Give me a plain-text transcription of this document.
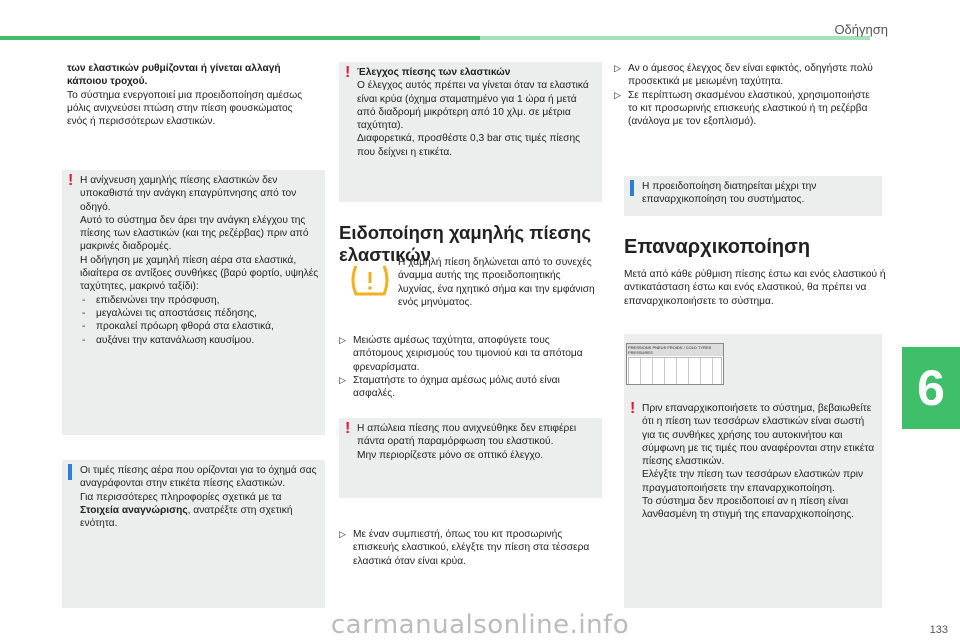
Οδήγηση
6
133

των ελαστικών ρυθμίζονται ή γίνεται αλλαγή κάποιου τροχού.

Το σύστημα ενεργοποιεί μια προειδοποίηση αμέσως μόλις ανιχνεύσει πτώση στην πίεση φουσκώματος ενός ή περισσότερων ελαστικών.

! Η ανίχνευση χαμηλής πίεσης ελαστικών δεν υποκαθιστά την ανάγκη επαγρύπνησης από τον οδηγό.

Αυτό το σύστημα δεν άρει την ανάγκη ελέγχου της πίεσης των ελαστικών (και της ρεζέρβας) πριν από μακρινές διαδρομές.

Η οδήγηση με χαμηλή πίεση αέρα στα ελαστικά, ιδιαίτερα σε αντίξοες συνθήκες (βαρύ φορτίο, υψηλές ταχύτητες, μακρινό ταξίδι):

- επιδεινώνει την πρόσφυση,

- μεγαλώνει τις αποστάσεις πέδησης,

- προκαλεί πρόωρη φθορά στα ελαστικά,

- αυξάνει την κατανάλωση καυσίμου.

Οι τιμές πίεσης αέρα που ορίζονται για το όχημά σας αναγράφονται στην ετικέτα πίεσης ελαστικών.

Για περισσότερες πληροφορίες σχετικά με τα Στοιχεία αναγνώρισης, ανατρέξτε στη σχετική ενότητα.

! Έλεγχος πίεσης των ελαστικών

Ο έλεγχος αυτός πρέπει να γίνεται όταν τα ελαστικά είναι κρύα (όχημα σταματημένο για 1 ώρα ή μετά από διαδρομή μικρότερη από 10 χλμ. σε μέτρια ταχύτητα).

Διαφορετικά, προσθέστε 0,3 bar στις τιμές πίεσης που δείχνει η ετικέτα.

Ειδοποίηση χαμηλής πίεσης ελαστικών

Η χαμηλή πίεση δηλώνεται από το συνεχές άναμμα αυτής της προειδοποιητικής λυχνίας, ένα ηχητικό σήμα και την εμφάνιση ενός μηνύματος.

▷ Μειώστε αμέσως ταχύτητα, αποφύγετε τους απότομους χειρισμούς του τιμονιού και τα απότομα φρεναρίσματα.

▷ Σταματήστε το όχημα αμέσως μόλις αυτό είναι ασφαλές.

! Η απώλεια πίεσης που ανιχνεύθηκε δεν επιφέρει πάντα ορατή παραμόρφωση του ελαστικού.

Μην περιορίζεστε μόνο σε οπτικό έλεγχο.

▷ Με έναν συμπιεστή, όπως του κιτ προσωρινής επισκευής ελαστικού, ελέγξτε την πίεση στα τέσσερα ελαστικά όταν είναι κρύα.

▷ Αν ο άμεσος έλεγχος δεν είναι εφικτός, οδηγήστε πολύ προσεκτικά με μειωμένη ταχύτητα.

▷ Σε περίπτωση σκασμένου ελαστικού, χρησιμοποιήστε το κιτ προσωρινής επισκευής ελαστικού ή τη ρεζέρβα (ανάλογα με τον εξοπλισμό).

Η προειδοποίηση διατηρείται μέχρι την επαναρχικοποίηση του συστήματος.

Επαναρχικοποίηση

Μετά από κάθε ρύθμιση πίεσης έστω και ενός ελαστικού ή αντικατάσταση έστω και ενός ελαστικού, θα πρέπει να επαναρχικοποιήσετε το σύστημα.

PRESSIONS PNEUS FROIDS / COLD TYRES PRESSURES
! Πριν επαναρχικοποιήσετε το σύστημα, βεβαιωθείτε ότι η πίεση των τεσσάρων ελαστικών είναι σωστή για τις συνθήκες χρήσης του αυτοκινήτου και σύμφωνη με τις τιμές που αναφέρονται στην ετικέτα πίεσης ελαστικών.

Ελέγξτε την πίεση των τεσσάρων ελαστικών πριν πραγματοποιήσετε την επαναρχικοποίηση.

Το σύστημα δεν προειδοποιεί αν η πίεση είναι λανθασμένη τη στιγμή της επαναρχικοποίησης.

carmanualsonline.info
